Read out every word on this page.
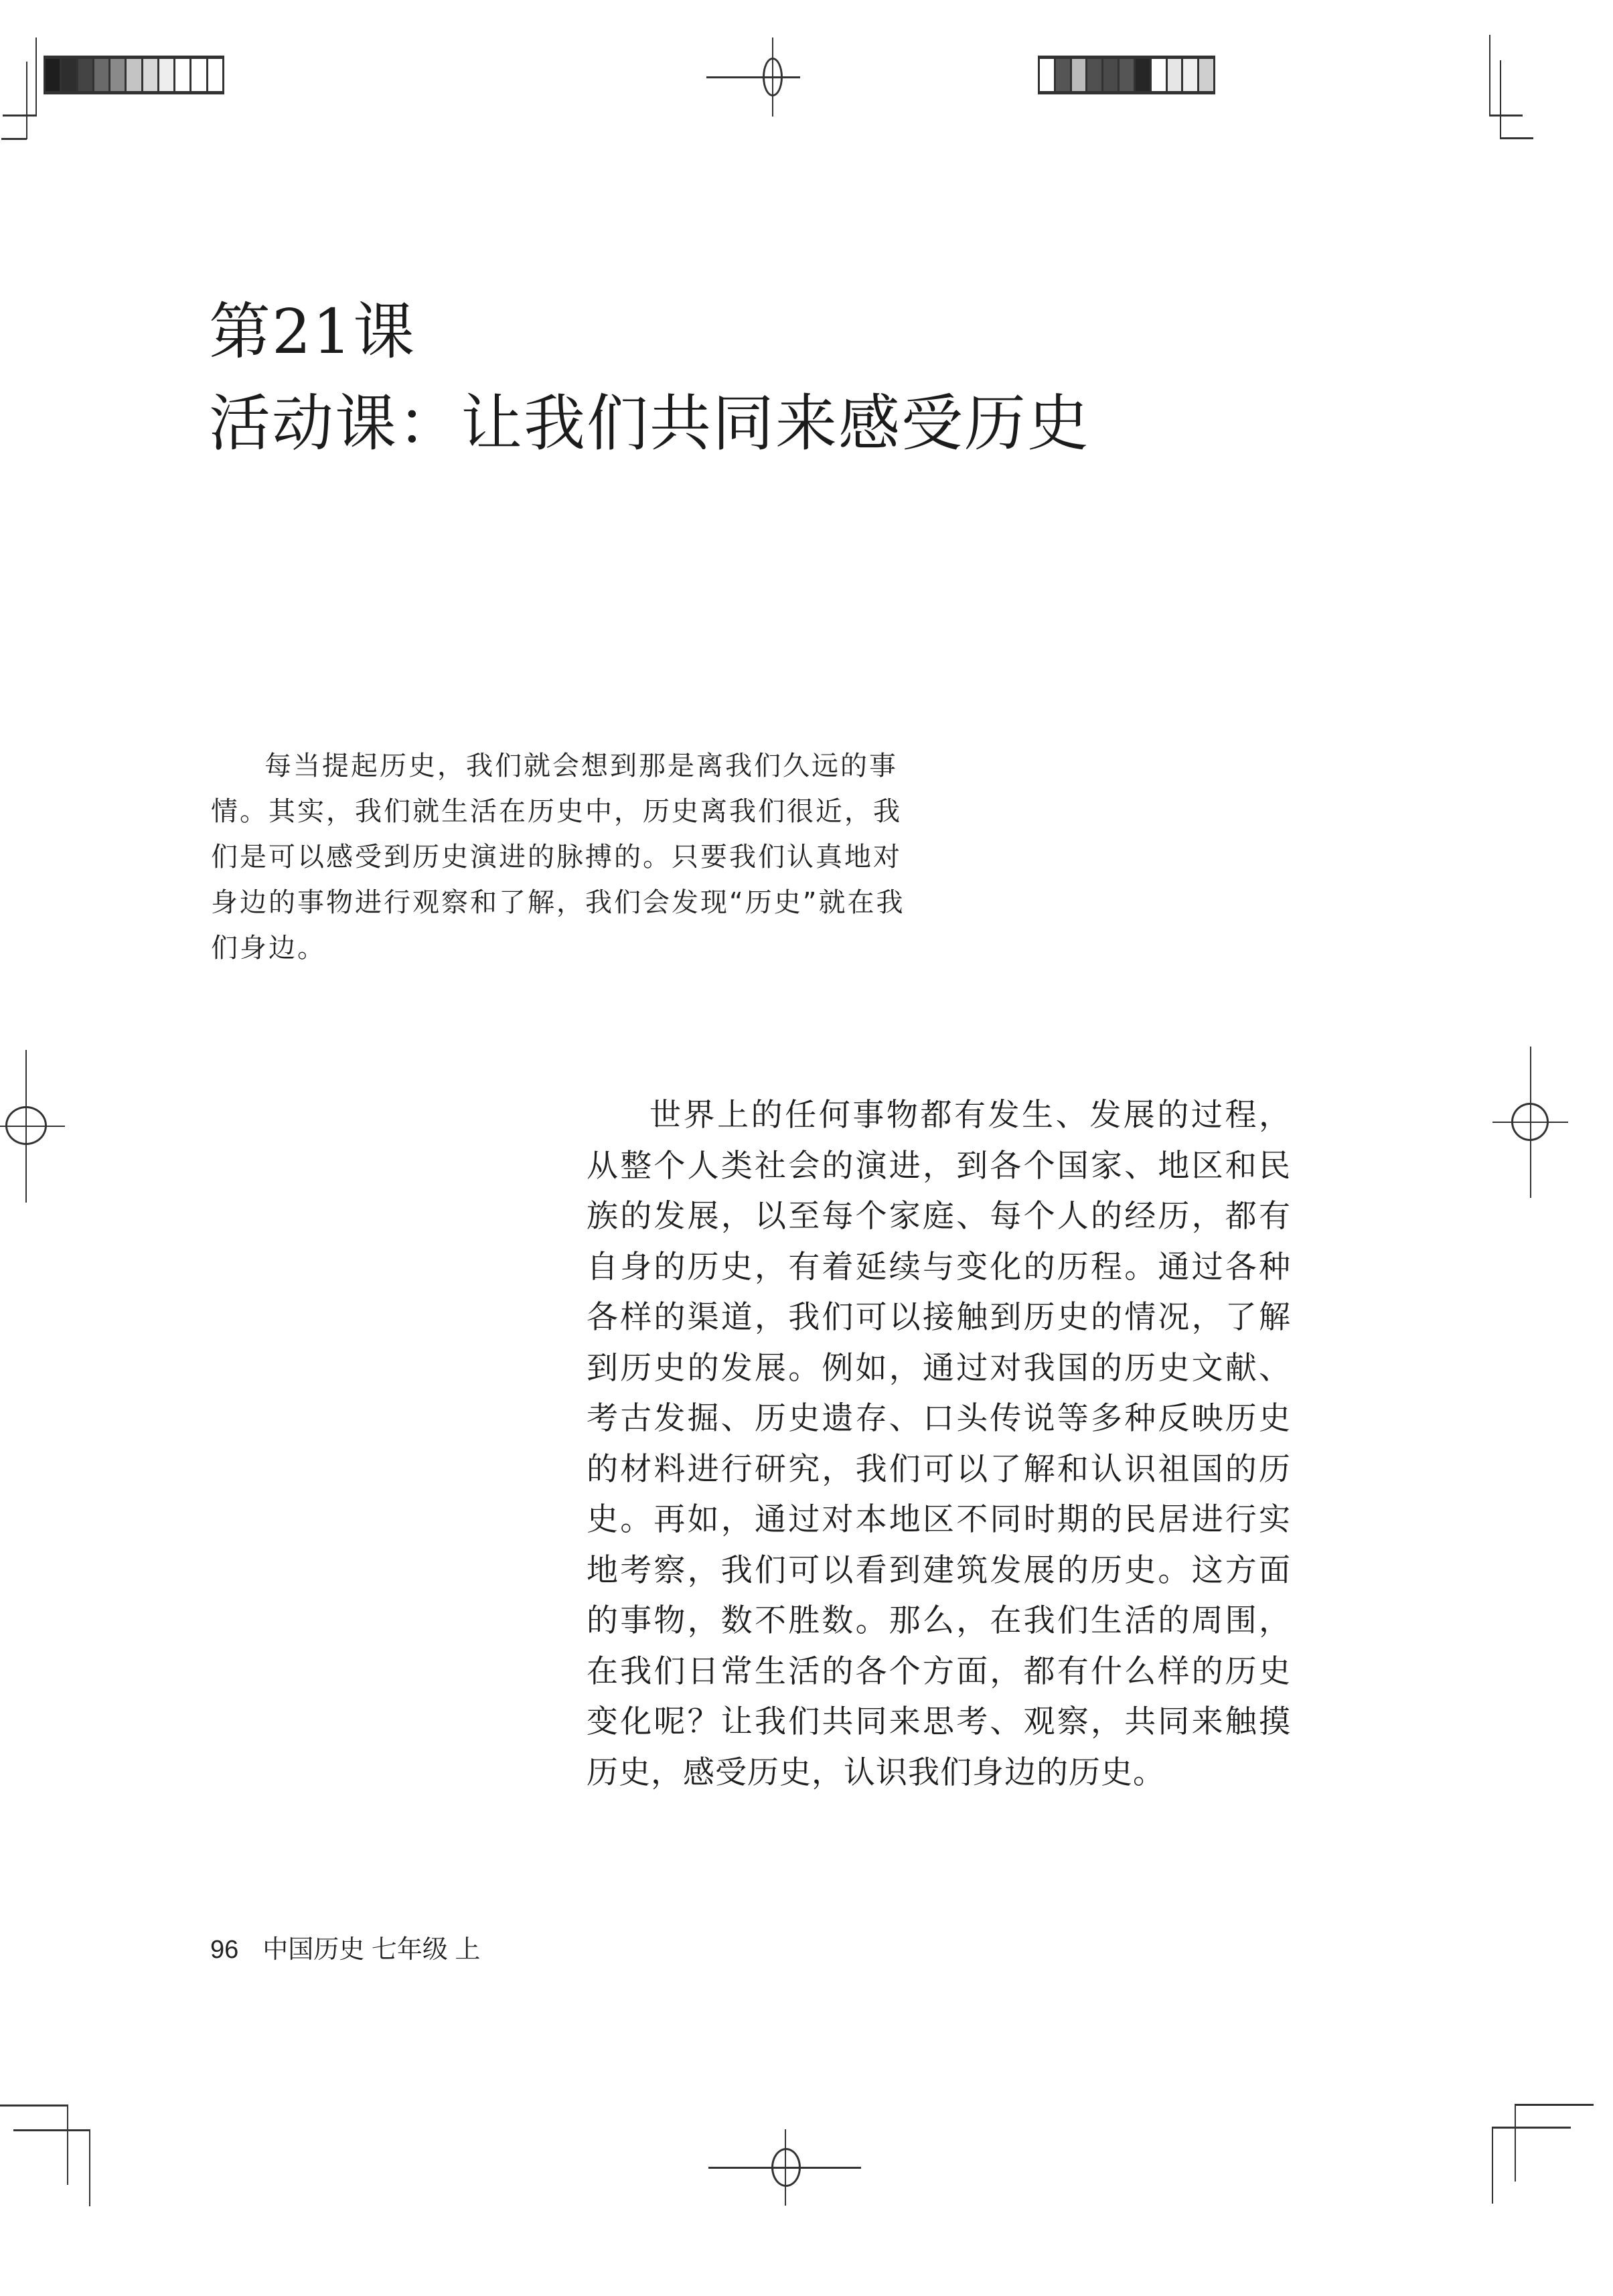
第21课
活动课：让我们共同来感受历史

每当提起历史，我们就会想到那是离我们久远的事情。其实，我们就生活在历史中，历史离我们很近，我们是可以感受到历史演进的脉搏的。只要我们认真地对身边的事物进行观察和了解，我们会发现“历史”就在我们身边。

世界上的任何事物都有发生、发展的过程，从整个人类社会的演进，到各个国家、地区和民族的发展，以至每个家庭、每个人的经历，都有自身的历史，有着延续与变化的历程。通过各种各样的渠道，我们可以接触到历史的情况，了解到历史的发展。例如，通过对我国的历史文献、考古发掘、历史遗存、口头传说等多种反映历史的材料进行研究，我们可以了解和认识祖国的历史。再如，通过对本地区不同时期的民居进行实地考察，我们可以看到建筑发展的历史。这方面的事物，数不胜数。那么，在我们生活的周围，在我们日常生活的各个方面，都有什么样的历史变化呢？让我们共同来思考、观察，共同来触摸历史，感受历史，认识我们身边的历史。

96 中国历史 七年级 上
